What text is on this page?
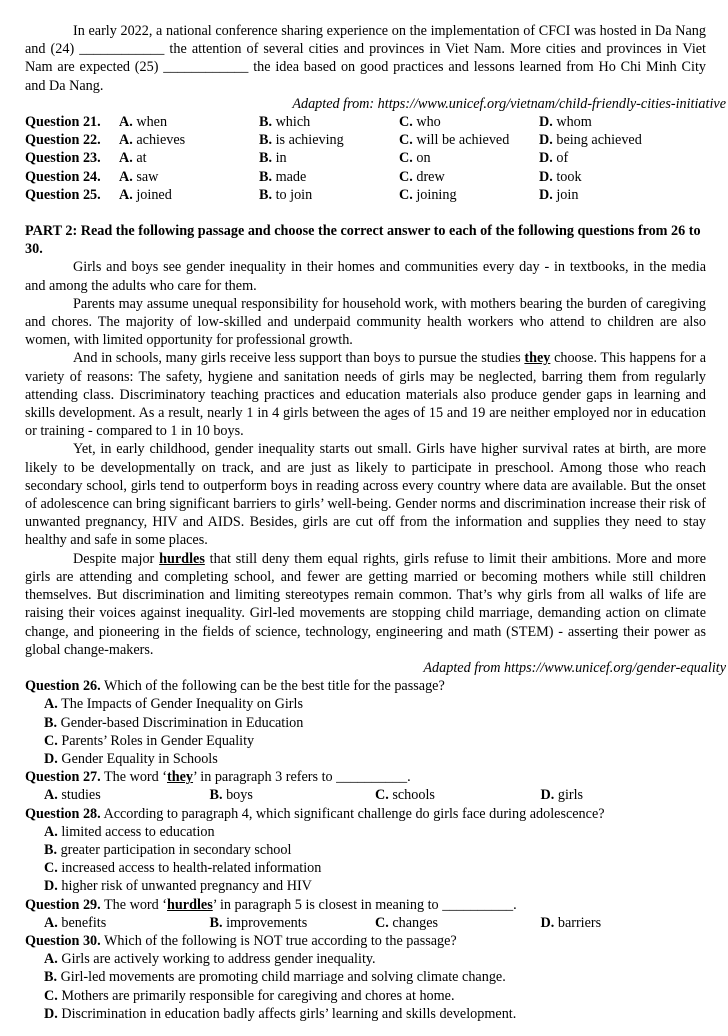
In early 2022, a national conference sharing experience on the implementation of CFCI was hosted in Da Nang and (24) ____________ the attention of several cities and provinces in Viet Nam. More cities and provinces in Viet Nam are expected (25) ____________ the idea based on good practices and lessons learned from Ho Chi Minh City and Da Nang.

Adapted from: https://www.unicef.org/vietnam/child-friendly-cities-initiative

Question 21.	A. when	B. which	C. who	D. whom
Question 22.	A. achieves	B. is achieving	C. will be achieved	D. being achieved
Question 23.	A. at	B. in	C. on	D. of
Question 24.	A. saw	B. made	C. drew	D. took
Question 25.	A. joined	B. to join	C. joining	D. join

PART 2: Read the following passage and choose the correct answer to each of the following questions from 26 to 30.

Girls and boys see gender inequality in their homes and communities every day - in textbooks, in the media and among the adults who care for them.

Parents may assume unequal responsibility for household work, with mothers bearing the burden of caregiving and chores. The majority of low-skilled and underpaid community health workers who attend to children are also women, with limited opportunity for professional growth.

And in schools, many girls receive less support than boys to pursue the studies they choose. This happens for a variety of reasons: The safety, hygiene and sanitation needs of girls may be neglected, barring them from regularly attending class. Discriminatory teaching practices and education materials also produce gender gaps in learning and skills development. As a result, nearly 1 in 4 girls between the ages of 15 and 19 are neither employed nor in education or training - compared to 1 in 10 boys.

Yet, in early childhood, gender inequality starts out small. Girls have higher survival rates at birth, are more likely to be developmentally on track, and are just as likely to participate in preschool. Among those who reach secondary school, girls tend to outperform boys in reading across every country where data are available. But the onset of adolescence can bring significant barriers to girls’ well-being. Gender norms and discrimination increase their risk of unwanted pregnancy, HIV and AIDS. Besides, girls are cut off from the information and supplies they need to stay healthy and safe in some places.

Despite major hurdles that still deny them equal rights, girls refuse to limit their ambitions. More and more girls are attending and completing school, and fewer are getting married or becoming mothers while still children themselves. But discrimination and limiting stereotypes remain common. That’s why girls from all walks of life are raising their voices against inequality. Girl-led movements are stopping child marriage, demanding action on climate change, and pioneering in the fields of science, technology, engineering and math (STEM) - asserting their power as global change-makers.

Adapted from https://www.unicef.org/gender-equality

Question 26. Which of the following can be the best title for the passage?
A. The Impacts of Gender Inequality on Girls
B. Gender-based Discrimination in Education
C. Parents’ Roles in Gender Equality
D. Gender Equality in Schools
Question 27. The word ‘they’ in paragraph 3 refers to __________.
A. studies	B. boys	C. schools	D. girls
Question 28. According to paragraph 4, which significant challenge do girls face during adolescence?
A. limited access to education
B. greater participation in secondary school
C. increased access to health-related information
D. higher risk of unwanted pregnancy and HIV
Question 29. The word ‘hurdles’ in paragraph 5 is closest in meaning to __________.
A. benefits	B. improvements	C. changes	D. barriers
Question 30. Which of the following is NOT true according to the passage?
A. Girls are actively working to address gender inequality.
B. Girl-led movements are promoting child marriage and solving climate change.
C. Mothers are primarily responsible for caregiving and chores at home.
D. Discrimination in education badly affects girls’ learning and skills development.
